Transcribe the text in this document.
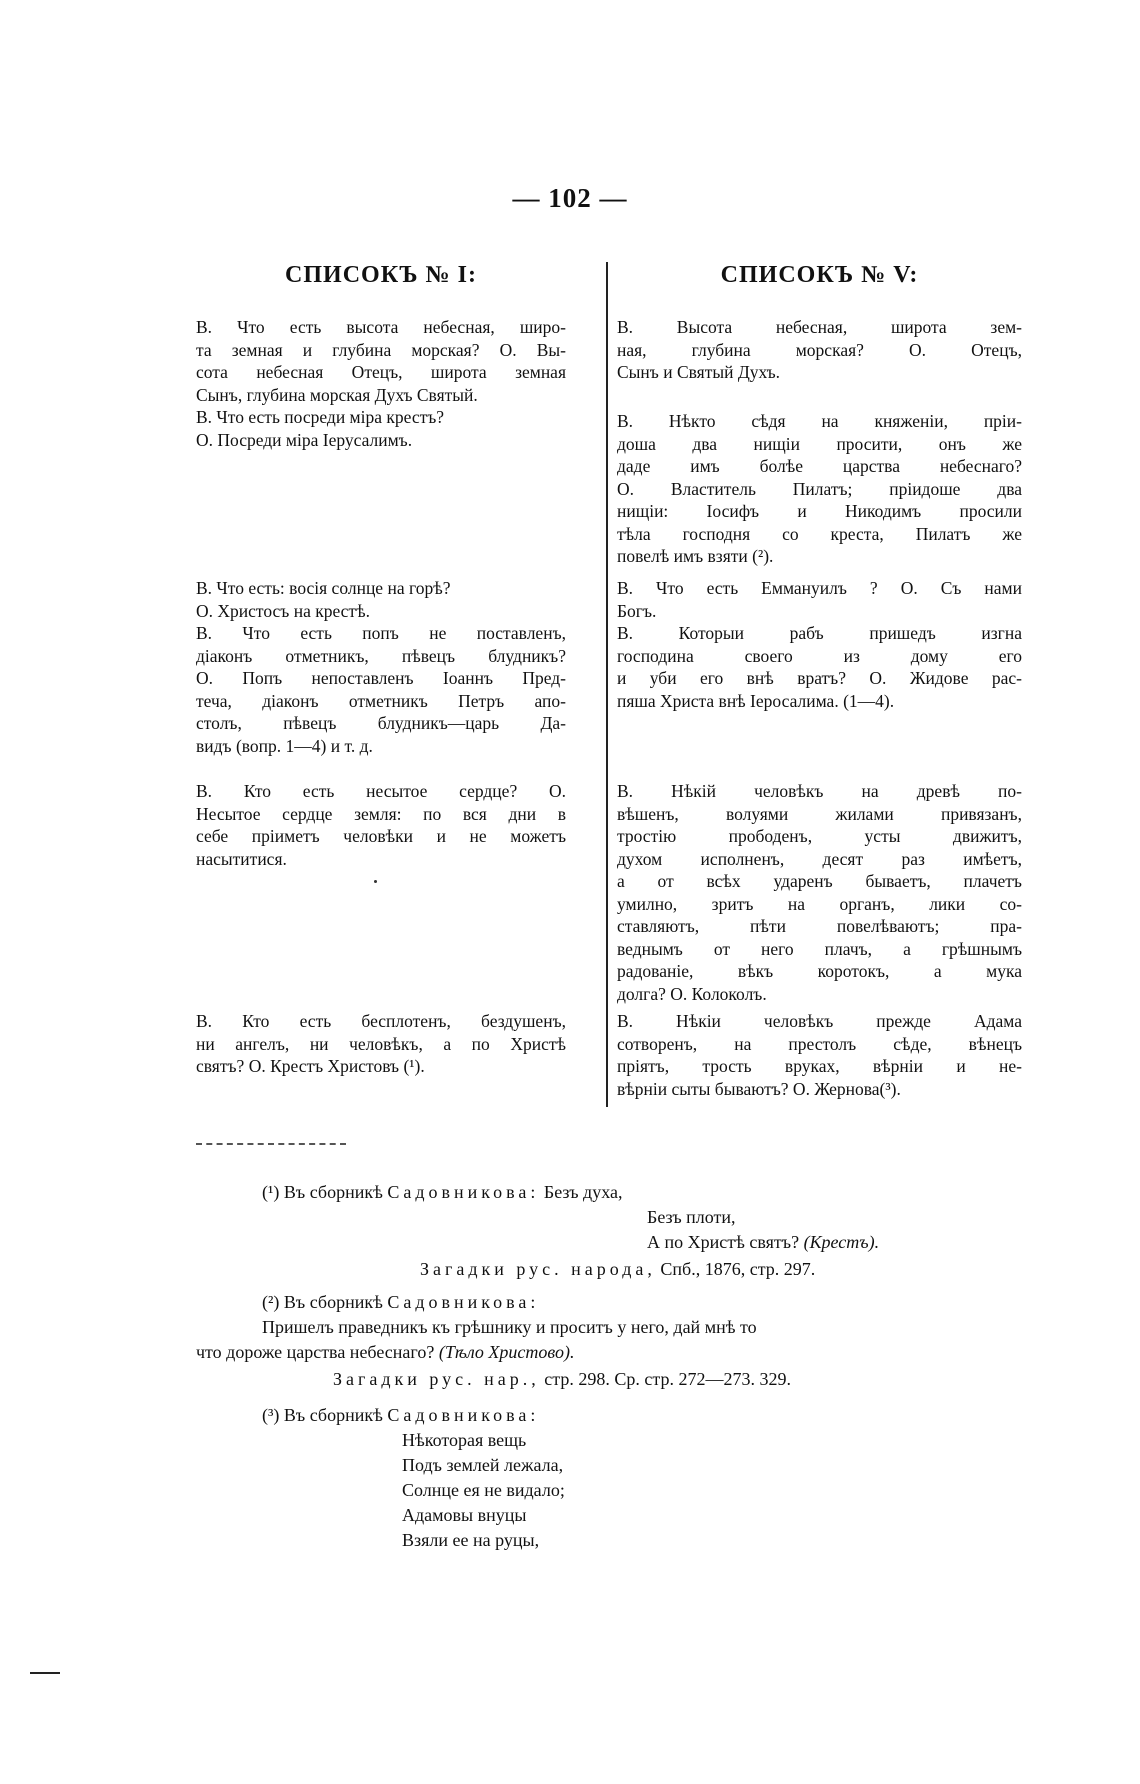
— 102 —
СПИСОКЪ № I:

В. Что есть высота небесная, широ-
та земная и глубина морская? О. Вы-
сота небесная Отецъ, широта земная
Сынъ, глубина морская Духъ Святый.
В. Что есть посреди міра крестъ?
О. Посреди міра Іерусалимъ.

В. Что есть: восія солнце на горѣ?
О. Христосъ на крестѣ.
В. Что есть попъ не поставленъ,
діаконъ отметникъ, пѣвецъ блудникъ?
О. Попъ непоставленъ Іоаннъ Пред-
теча, діаконъ отметникъ Петръ апо-
столъ, пѣвецъ блудникъ—царь Да-
видъ (вопр. 1—4) и т. д.

В. Кто есть несытое сердце? О.
Несытое сердце земля: по вся дни в
себе пріиметъ человѣки и не можетъ
насытитися.

В. Кто есть бесплотенъ, бездушенъ,
ни ангелъ, ни человѣкъ, а по Христѣ
святъ? О. Крестъ Христовъ (¹).

СПИСОКЪ № V:

В. Высота небесная, широта зем-
ная, глубина морская? О. Отецъ,
Сынъ и Святый Духъ.

В. Нѣкто сѣдя на княженіи, пріи-
доша два нищіи просити, онъ же
даде имъ болѣе царства небеснаго?
О. Властитель Пилатъ; пріидоше два
нищіи: Іосифъ и Никодимъ просили
тѣла господня со креста, Пилатъ же
повелѣ имъ взяти (²).

В. Что есть Еммануилъ ? О. Съ нами
Богъ.
В. Которыи рабъ пришедъ изгна
господина своего из дому его
и уби его внѣ вратъ? О. Жидове рас-
пяша Христа внѣ Іеросалима. (1—4).

В. Нѣкій человѣкъ на древѣ по-
вѣшенъ, волуями жилами привязанъ,
тростію прободенъ, усты движитъ,
духом исполненъ, десят раз имѣетъ,
а от всѣх ударенъ бываетъ, плачетъ
умилно, зритъ на органъ, лики со-
ставляютъ, пѣти повелѣваютъ; пра-
веднымъ от него плачъ, а грѣшнымъ
радованіе, вѣкъ коротокъ, а мука
долга? О. Колоколъ.

В. Нѣкіи человѣкъ прежде Адама
сотворенъ, на престолъ сѣде, вѣнецъ
пріятъ, трость вруках, вѣрніи и не-
вѣрніи сыты бываютъ? О. Жернова(³).

(¹) Въ сборникѣ Садовникова: Безъ духа,
Безъ плоти,
А по Христѣ святъ? (Крестъ).
Загадки рус. народа, Спб., 1876, стр. 297.
(²) Въ сборникѣ Садовникова:
Пришелъ праведникъ къ грѣшнику и проситъ у него, дай мнѣ то
что дороже царства небеснаго? (Тѣло Христово).
Загадки рус. нар., стр. 298. Ср. стр. 272—273. 329.
(³) Въ сборникѣ Садовникова:
Нѣкоторая вещь
Подъ землей лежала,
Солнце ея не видало;
Адамовы внуцы
Взяли ее на руцы,
